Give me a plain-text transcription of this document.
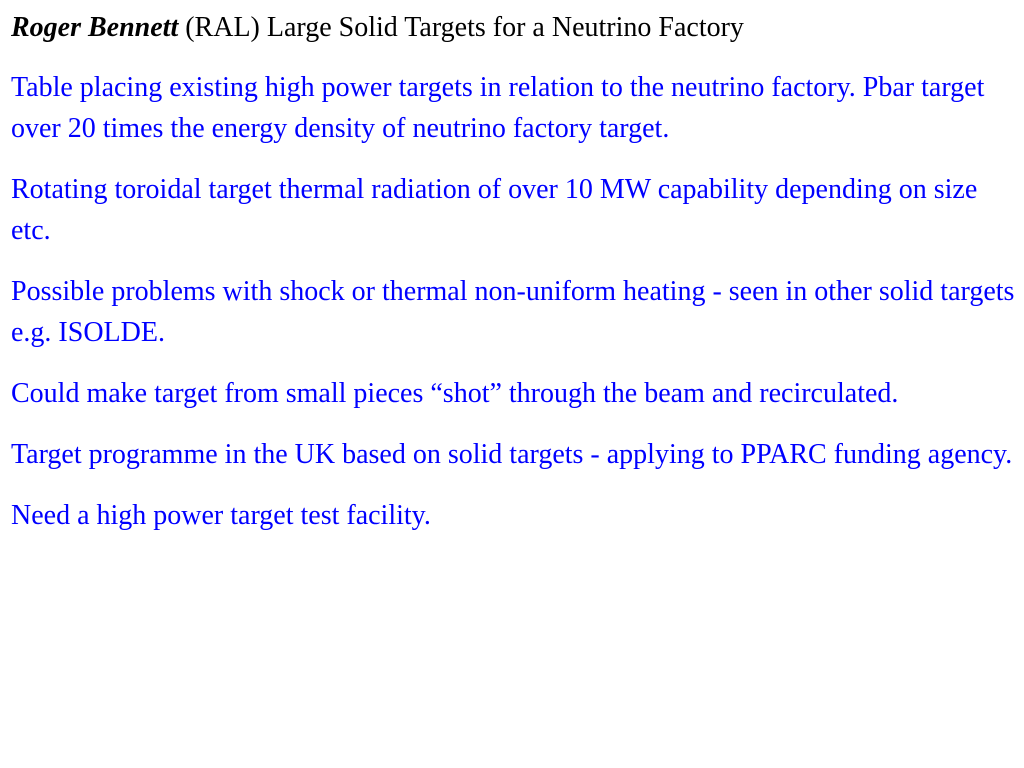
Roger Bennett (RAL) Large Solid Targets for a Neutrino Factory
Table placing existing high power targets in relation to the neutrino factory. Pbar target over 20 times the energy density of neutrino factory target.
Rotating toroidal target thermal radiation of over 10 MW capability depending on size etc.
Possible problems with shock or thermal non-uniform heating - seen in other solid targets e.g. ISOLDE.
Could make target from small pieces “shot” through the beam and recirculated.
Target programme in the UK based on solid targets - applying to PPARC funding agency.
Need a high power target test facility.
